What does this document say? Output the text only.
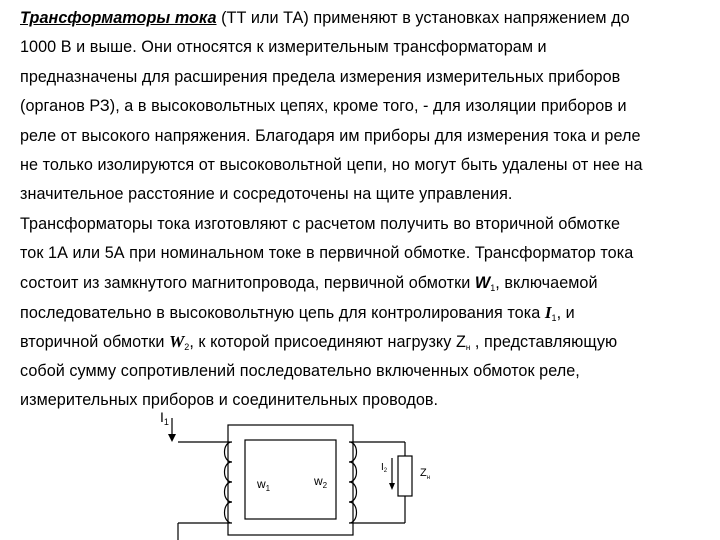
Трансформаторы тока (ТТ или ТА) применяют в установках напряжением до
1000 В и выше. Они относятся к измерительным трансформаторам и
предназначены для расширения предела измерения измерительных приборов
(органов РЗ), а в высоковольтных цепях, кроме того, - для изоляции приборов и
реле от высокого напряжения. Благодаря им приборы для измерения тока и реле
не только изолируются от высоковольтной цепи, но могут быть удалены от нее на
значительное расстояние и сосредоточены на щите управления.
Трансформаторы тока изготовляют с расчетом получить во вторичной обмотке
ток 1А или 5А при номинальном токе в первичной обмотке. Трансформатор тока
состоит из замкнутого магнитопровода, первичной обмотки $W_1$, включаемой
последовательно в высоковольтную цепь для контролирования тока $I_1$, и
вторичной обмотки $W_2$, к которой присоединяют нагрузку Zн , представляющую
собой сумму сопротивлений последовательно включенных обмоток реле,
измерительных приборов и соединительных проводов.
$I_1$
$w_1$
$w_2$
$I_2$	$Z_н$
